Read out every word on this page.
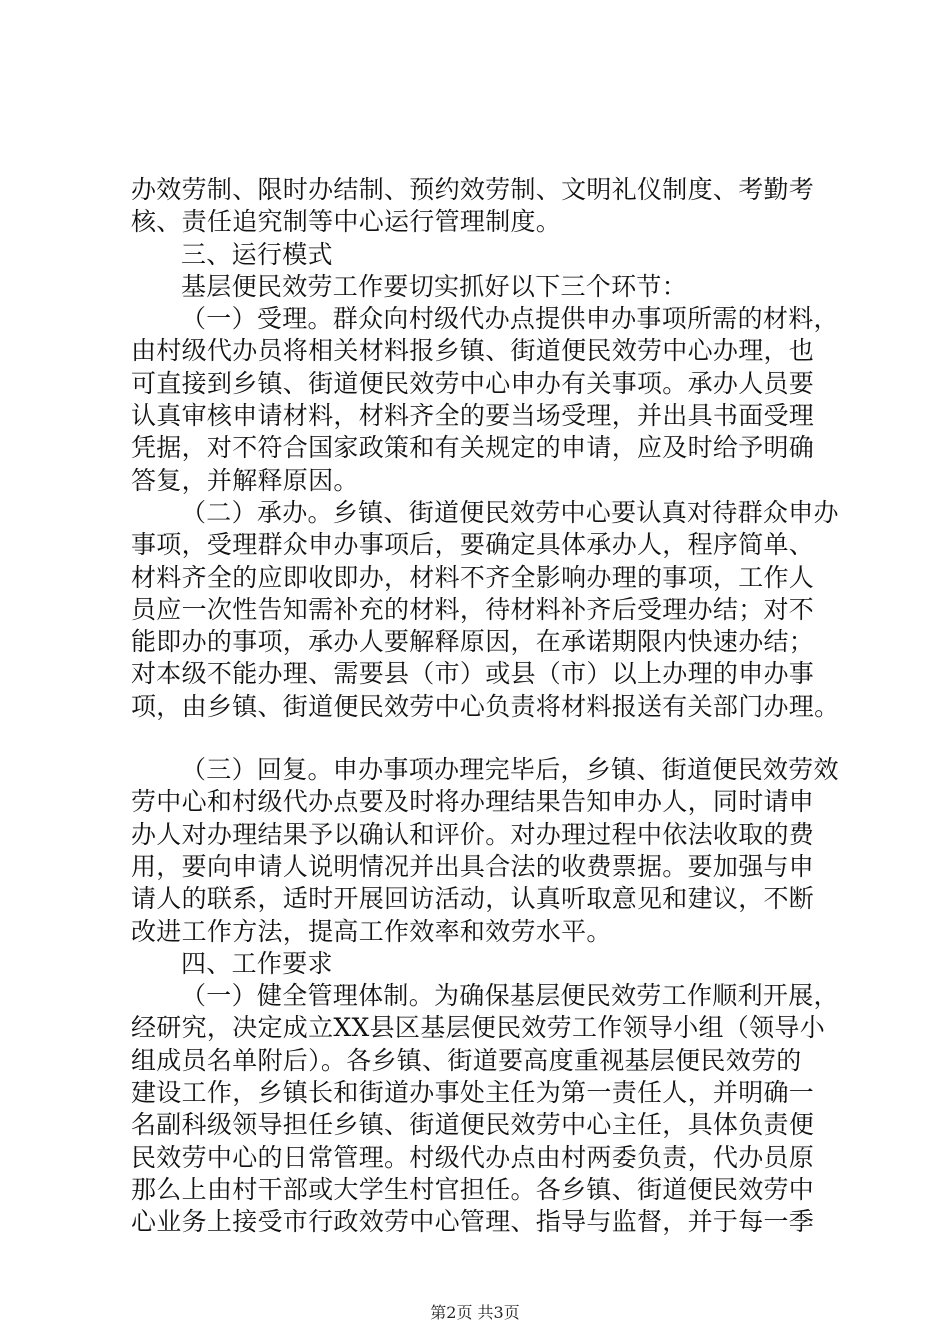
办效劳制、限时办结制、预约效劳制、文明礼仪制度、考勤考
核、责任追究制等中心运行管理制度。
三、运行模式
基层便民效劳工作要切实抓好以下三个环节：
（一）受理。群众向村级代办点提供申办事项所需的材料，
由村级代办员将相关材料报乡镇、街道便民效劳中心办理，也
可直接到乡镇、街道便民效劳中心申办有关事项。承办人员要
认真审核申请材料，材料齐全的要当场受理，并出具书面受理
凭据，对不符合国家政策和有关规定的申请，应及时给予明确
答复，并解释原因。
（二）承办。乡镇、街道便民效劳中心要认真对待群众申办
事项，受理群众申办事项后，要确定具体承办人，程序简单、
材料齐全的应即收即办，材料不齐全影响办理的事项，工作人
员应一次性告知需补充的材料，待材料补齐后受理办结；对不
能即办的事项，承办人要解释原因，在承诺期限内快速办结；
对本级不能办理、需要县（市）或县（市）以上办理的申办事
项，由乡镇、街道便民效劳中心负责将材料报送有关部门办理。
（三）回复。申办事项办理完毕后，乡镇、街道便民效劳效
劳中心和村级代办点要及时将办理结果告知申办人，同时请申
办人对办理结果予以确认和评价。对办理过程中依法收取的费
用，要向申请人说明情况并出具合法的收费票据。要加强与申
请人的联系，适时开展回访活动，认真听取意见和建议，不断
改进工作方法，提高工作效率和效劳水平。
四、工作要求
（一）健全管理体制。为确保基层便民效劳工作顺利开展，
经研究，决定成立XX县区基层便民效劳工作领导小组（领导小
组成员名单附后）。各乡镇、街道要高度重视基层便民效劳的
建设工作，乡镇长和街道办事处主任为第一责任人，并明确一
名副科级领导担任乡镇、街道便民效劳中心主任，具体负责便
民效劳中心的日常管理。村级代办点由村两委负责，代办员原
那么上由村干部或大学生村官担任。各乡镇、街道便民效劳中
心业务上接受市行政效劳中心管理、指导与监督，并于每一季
第2页 共3页
